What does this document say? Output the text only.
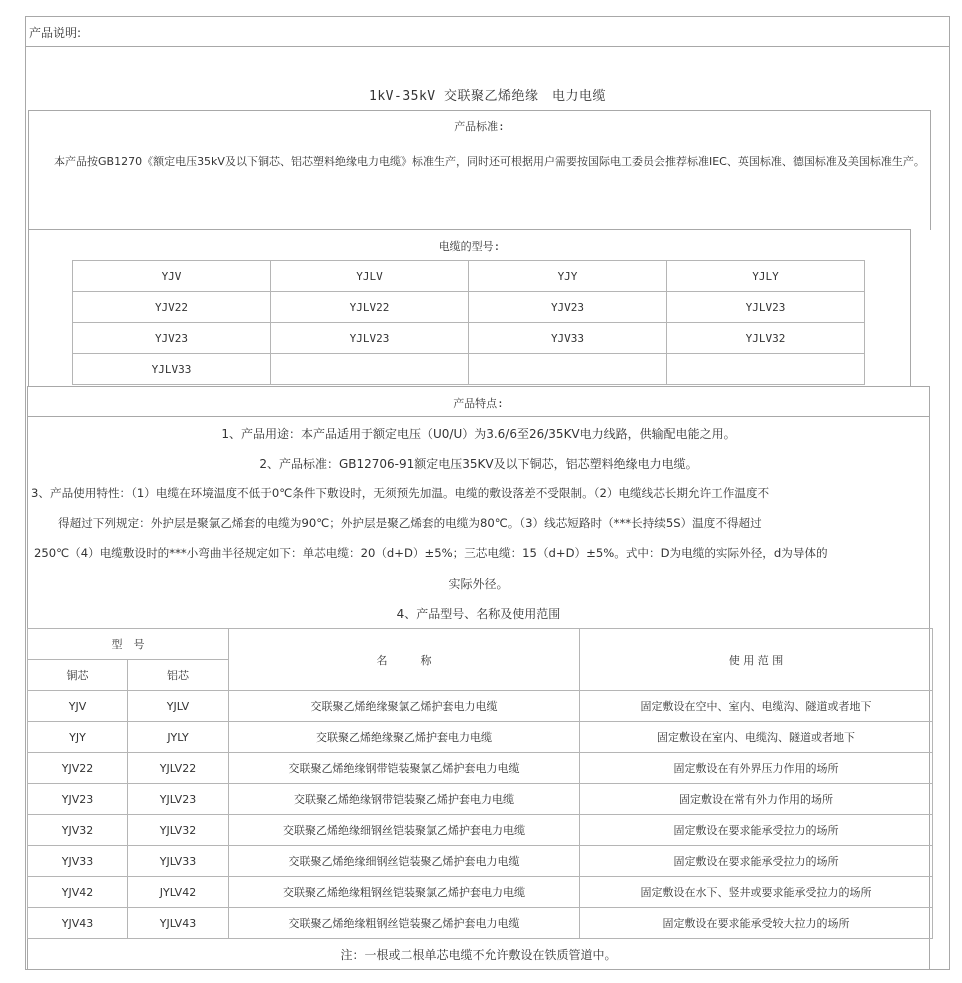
产品说明:
1kV-35kV 交联聚乙烯绝缘　电力电缆
产品标准:
本产品按GB1270《额定电压35kV及以下铜芯、铝芯塑料绝缘电力电缆》标准生产，同时还可根据用户需要按国际电工委员会推荐标准IEC、英国标准、德国标准及美国标准生产。
电缆的型号:
YJV	YJLV	YJY	YJLY
YJV22	YJLV22	YJV23	YJLV23
YJV23	YJLV23	YJV33	YJLV32
YJLV33			
产品特点:
1、产品用途：本产品适用于额定电压（U0/U）为3.6/6至26/35KV电力线路，供输配电能之用。
2、产品标准：GB12706-91额定电压35KV及以下铜芯，铝芯塑料绝缘电力电缆。
3、产品使用特性：（1）电缆在环境温度不低于0℃条件下敷设时，无须预先加温。电缆的敷设落差不受限制。（2）电缆线芯长期允许工作温度不
得超过下列规定：外护层是聚氯乙烯套的电缆为90℃；外护层是聚乙烯套的电缆为80℃。（3）线芯短路时（***长持续5S）温度不得超过
250℃（4）电缆敷设时的***小弯曲半径规定如下：单芯电缆：20（d+D）±5%；三芯电缆：15（d+D）±5%。式中：D为电缆的实际外径，d为导体的
实际外径。
4、产品型号、名称及使用范围
型　号		名　　　称	使 用 范 围
铜芯	铝芯		
YJV	YJLV	交联聚乙烯绝缘聚氯乙烯护套电力电缆	固定敷设在空中、室内、电缆沟、隧道或者地下
YJY	JYLY	交联聚乙烯绝缘聚乙烯护套电力电缆	固定敷设在室内、电缆沟、隧道或者地下
YJV22	YJLV22	交联聚乙烯绝缘钢带铠装聚氯乙烯护套电力电缆	固定敷设在有外界压力作用的场所
YJV23	YJLV23	交联聚乙烯绝缘钢带铠装聚乙烯护套电力电缆	固定敷设在常有外力作用的场所
YJV32	YJLV32	交联聚乙烯绝缘细钢丝铠装聚氯乙烯护套电力电缆	固定敷设在要求能承受拉力的场所
YJV33	YJLV33	交联聚乙烯绝缘细钢丝铠装聚乙烯护套电力电缆	固定敷设在要求能承受拉力的场所
YJV42	JYLV42	交联聚乙烯绝缘粗钢丝铠装聚氯乙烯护套电力电缆	固定敷设在水下、竖井或要求能承受拉力的场所
YJV43	YJLV43	交联聚乙烯绝缘粗钢丝铠装聚乙烯护套电力电缆	固定敷设在要求能承受较大拉力的场所
注：一根或二根单芯电缆不允许敷设在铁质管道中。
